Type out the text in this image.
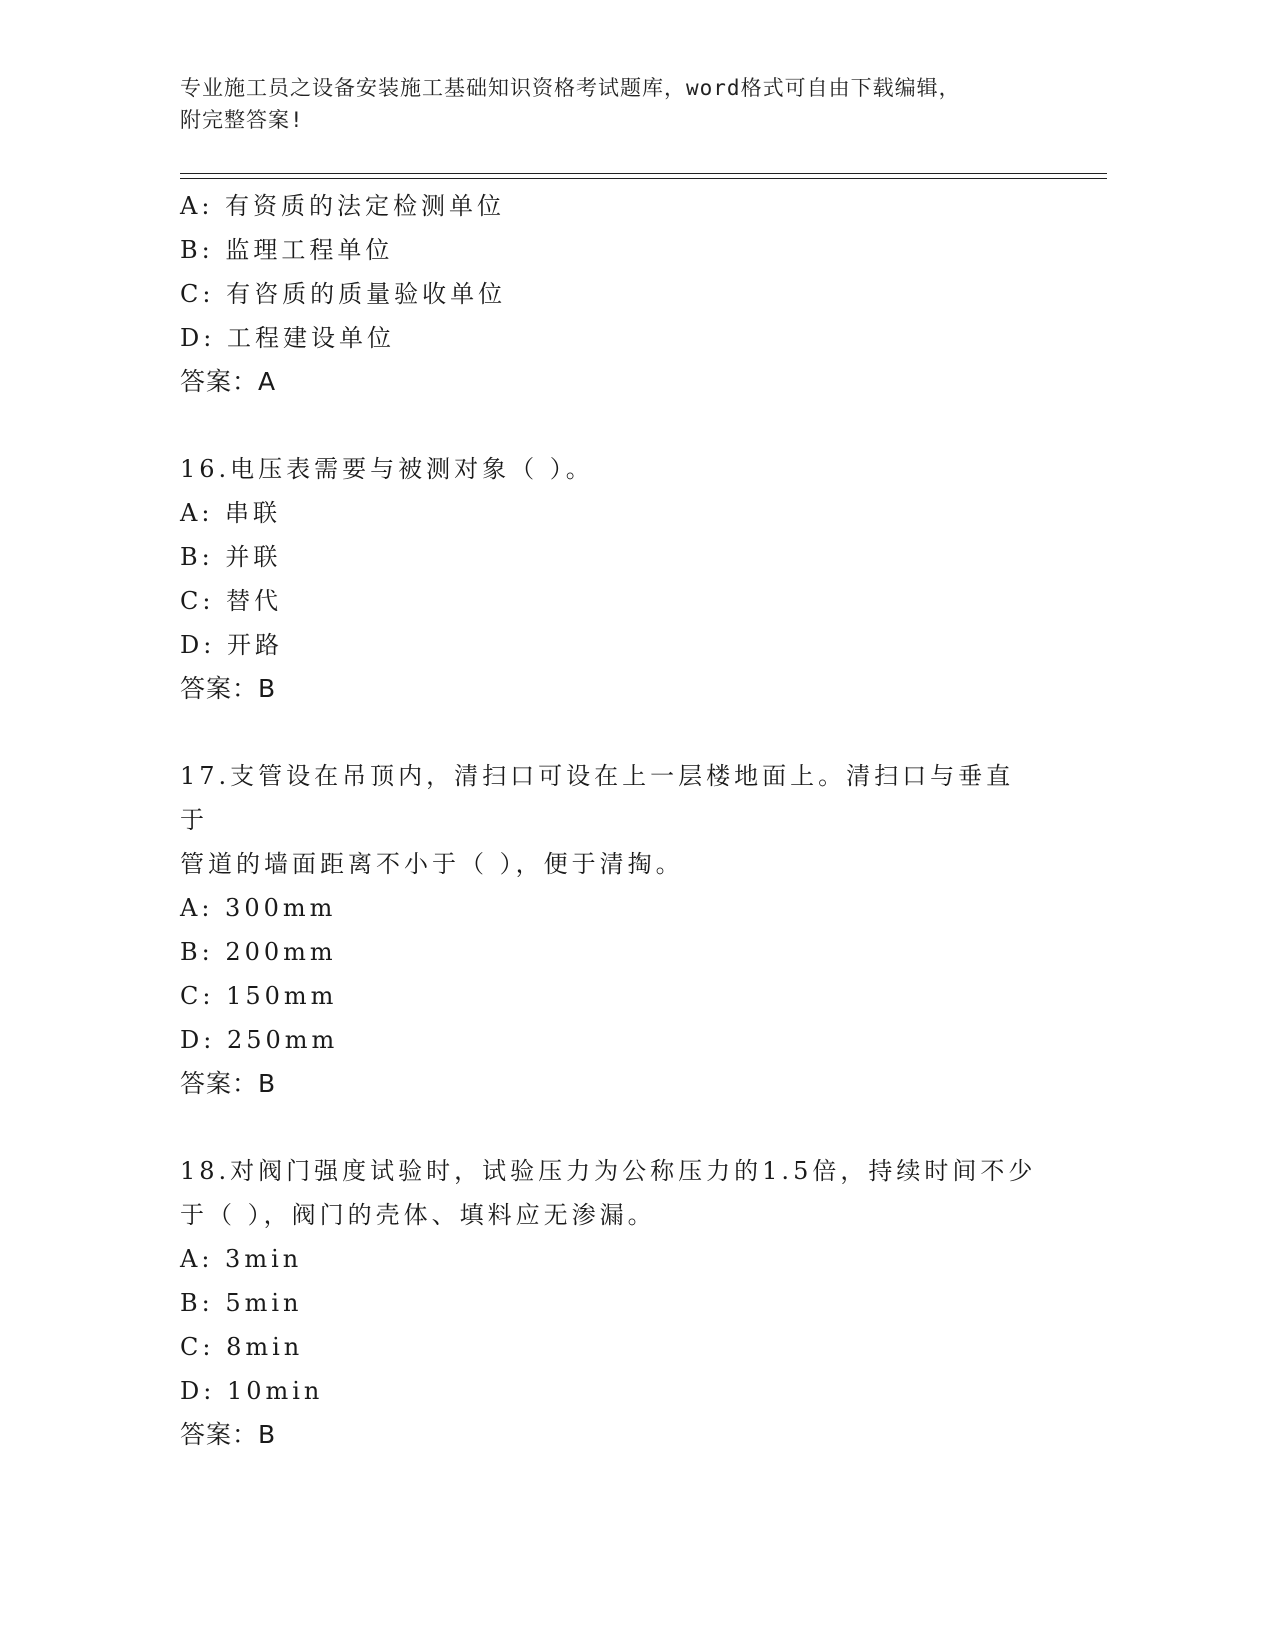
专业施工员之设备安装施工基础知识资格考试题库，word格式可自由下载编辑，
附完整答案!
A: 有资质的法定检测单位
B: 监理工程单位
C: 有咨质的质量验收单位
D: 工程建设单位
答案：A
16.电压表需要与被测对象（ ）。
A: 串联
B: 并联
C: 替代
D: 开路
答案：B
17.支管设在吊顶内，清扫口可设在上一层楼地面上。清扫口与垂直于
管道的墙面距离不小于（ ），便于清掏。
A: 300mm
B: 200mm
C: 150mm
D: 250mm
答案：B
18.对阀门强度试验时，试验压力为公称压力的1.5倍，持续时间不少
于（ ），阀门的壳体、填料应无渗漏。
A: 3min
B: 5min
C: 8min
D: 10min
答案：B
